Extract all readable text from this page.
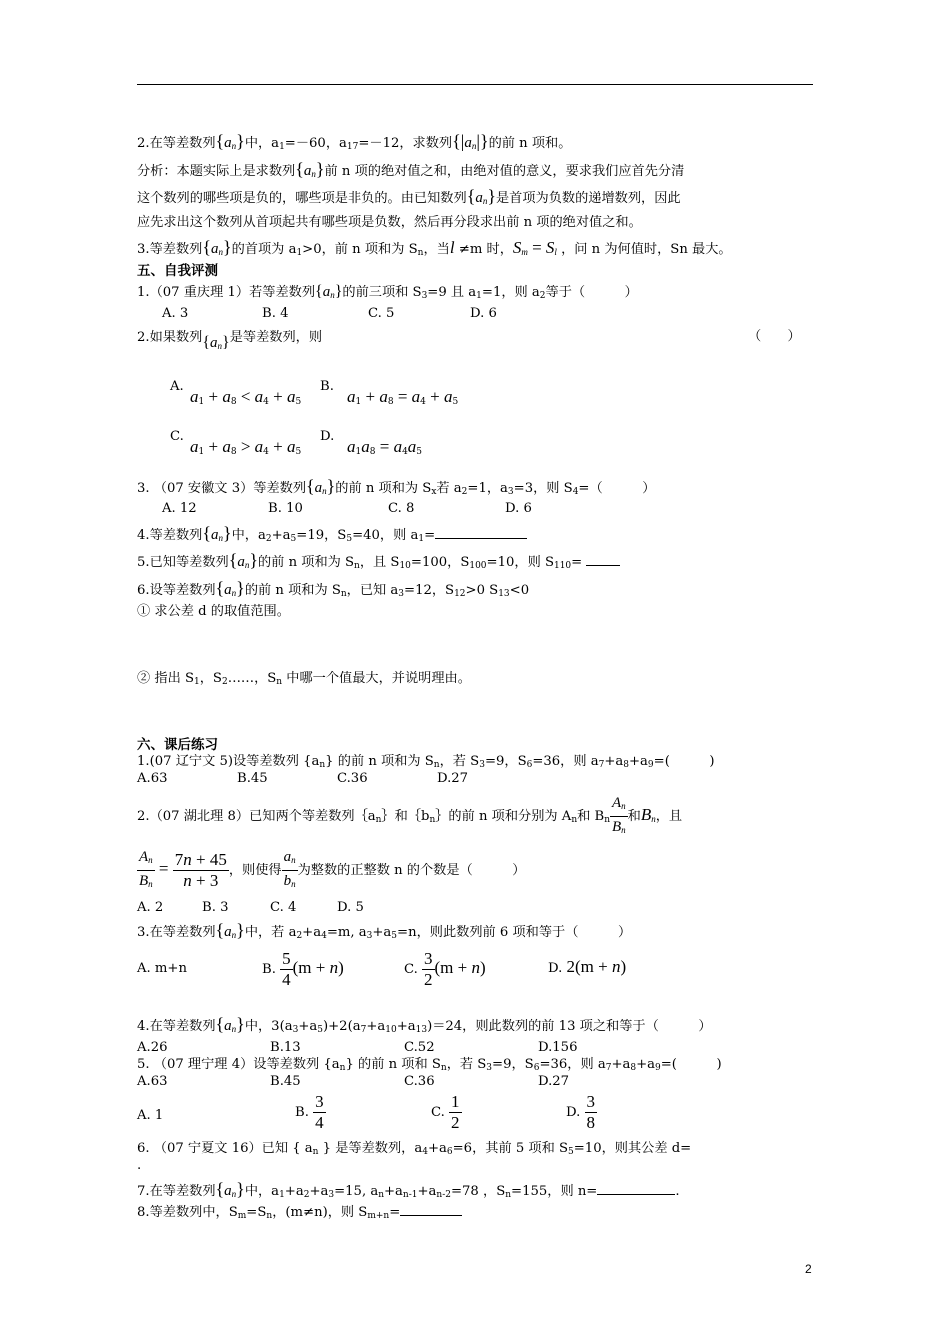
2.在等差数列$\{a_n\}$中，$a_1=-60$，$a_{17}=-12$，求数列$\{|a_n|\}$的前 n 项和。
分析：本题实际上是求数列$\{a_n\}$前 n 项的绝对值之和，由绝对值的意义，要求我们应首先分清
这个数列的哪些项是负的，哪些项是非负的。由已知数列$\{a_n\}$是首项为负数的递增数列，因此
应先求出这个数列从首项起共有哪些项是负数，然后再分段求出前 n 项的绝对值之和。
3.等差数列$\{a_n\}$的首项为 $a_1>0$，前 n 项和为 $S_n$，当l ≠m 时，$S_m = S_l$ ，问 n 为何值时，Sn 最大。
五、自我评测
1.（07 重庆理 1）若等差数列$\{a_n\}$的前三项和 $S_3=9$ 且 $a_1=1$，则 $a_2$等于（　　　）
A. 3	B. 4	C. 5	D. 6
2.如果数列$\{a_n\}$是等差数列，则	（　　）
A.
$a_1 + a_8 < a_4 + a_5$
B.
$a_1 + a_8 = a_4 + a_5$
C.
$a_1 + a_8 > a_4 + a_5$
D.
$a_1a_8 = a_4a_5$
3. （07 安徽文 3）等差数列$\{a_n\}$的前 n 项和为 $S_x$若 $a_2=1$，$a_3=3$，则 $S_4=$（　　　）
A. 12	B. 10	C. 8	D. 6
4.等差数列$\{a_n\}$中，$a_2+a_5=19$，$S_5=40$，则 $a_1=$
5.已知等差数列$\{a_n\}$的前 n 项和为 $S_n$，且 $S_{10}=100$，$S_{100}=10$，则 $S_{110}=$
6.设等差数列$\{a_n\}$的前 n 项和为 $S_n$，已知 $a_3=12$，$S_{12}>0$ $S_{13}<0$
① 求公差 d 的取值范围。
② 指出 $S_1$，$S_2\dots\dots$，$S_n$ 中哪一个值最大，并说明理由。
六、课后练习
1.(07 辽宁文 5)设等差数列 $\{a_n\}$ 的前 n 项和为 $S_n$，若 $S_3=9$，$S_6=36$，则 $a_7+a_8+a_9=$(　　　)
A.63	B.45	C.36	D.27
2.（07 湖北理 8）已知两个等差数列$\{a_n\}$和$\{b_n\}$的前 n 项和分别为 $A_n$和 $B_n \frac{A_n}{B_n}$ 和$B_n$，且
$\frac{A_n}{B_n} = \frac{7n + 45}{n + 3}$ ，则使得 $\frac{a_n}{b_n}$ 为整数的正整数 n 的个数是（　　　）
A. 2	B. 3	C. 4	D. 5
3.在等差数列$\{a_n\}$中，若 $a_2+a_4=m$, $a_3+a_5=n$，则此数列前 6 项和等于（　　　）
A. m+n	B. $\frac{5}{4} (m + n)$	C. $\frac{3}{2} (m + n)$	D. 2(m + n)
4.在等差数列$\{a_n\}$中，$3(a_3+a_5)+2(a_7+a_{10}+a_{13})=24$，则此数列的前 13 项之和等于（　　　）
A.26	B.13	C.52	D.156
5. （07 理宁理 4）设等差数列 $\{a_n\}$ 的前 n 项和 $S_n$，若 $S_3=9$，$S_6=36$，则 $a_7+a_8+a_9=$(　　　)
A.63	B.45	C.36	D.27
A. 1	B. $\frac{3}{4}$	C. $\frac{1}{2}$	D. $\frac{3}{8}$
6. （07 宁夏文 16）已知 { $a_n$ } 是等差数列，$a_4+a_6=6$，其前 5 项和 $S_5=10$，则其公差 d=
.
7.在等差数列$\{a_n\}$中，$a_1+a_2+a_3=15$, $a_n+a_{n-1}+a_{n-2}=78$ ，$S_n=155$，则 n=	.
8.等差数列中，$S_m=S_n$，(m≠n)，则 $S_{m+n}=$
2
